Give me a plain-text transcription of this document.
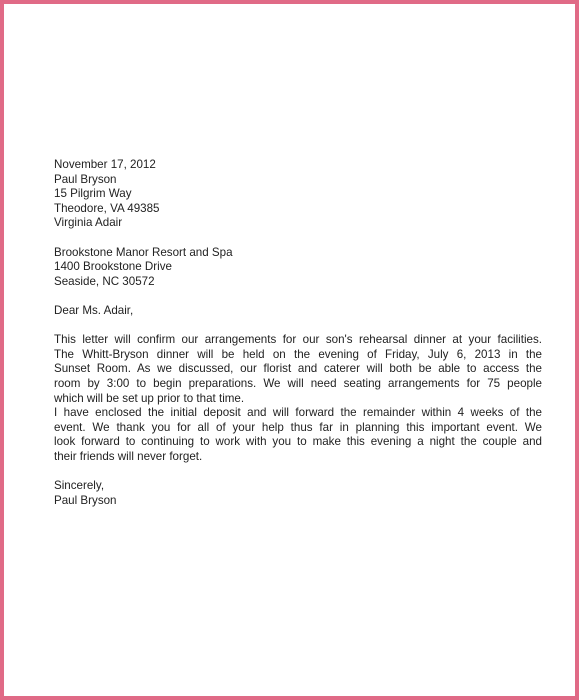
November 17, 2012
Paul Bryson
15 Pilgrim Way
Theodore, VA 49385
Virginia Adair
Brookstone Manor Resort and Spa
1400 Brookstone Drive
Seaside, NC 30572
Dear Ms. Adair,
This letter will confirm our arrangements for our son's rehearsal dinner at your facilities.
The Whitt-Bryson dinner will be held on the evening of Friday, July 6, 2013 in the
Sunset Room. As we discussed, our florist and caterer will both be able to access the
room by 3:00 to begin preparations. We will need seating arrangements for 75 people
which will be set up prior to that time.
I have enclosed the initial deposit and will forward the remainder within 4 weeks of the
event. We thank you for all of your help thus far in planning this important event. We
look forward to continuing to work with you to make this evening a night the couple and
their friends will never forget.
Sincerely,
Paul Bryson
